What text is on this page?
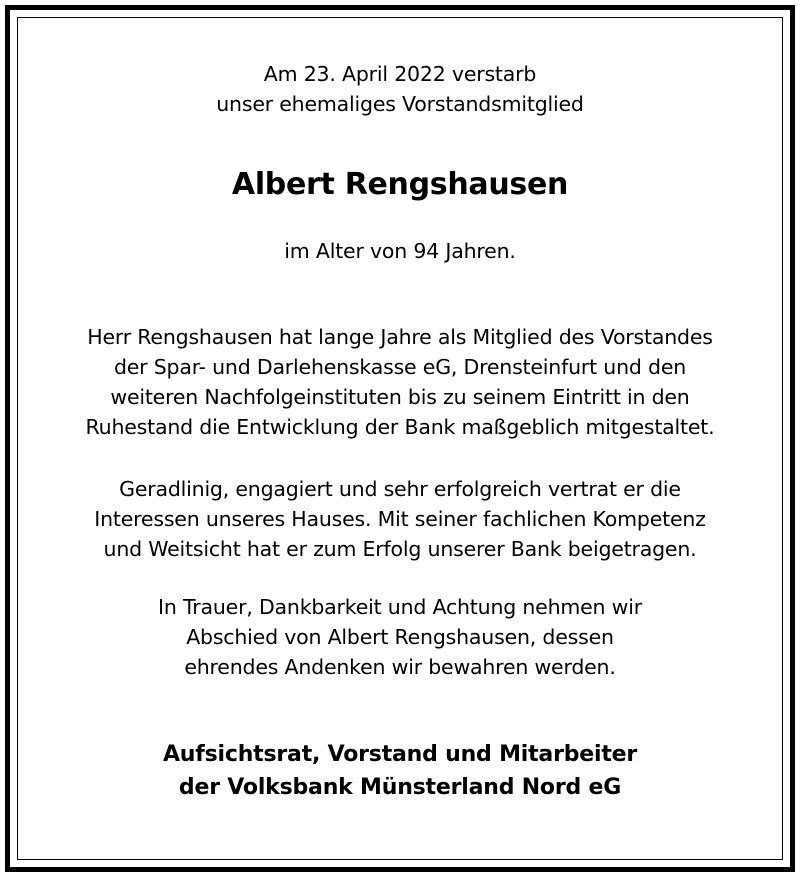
Am 23. April 2022 verstarb
unser ehemaliges Vorstandsmitglied
Albert Rengshausen
im Alter von 94 Jahren.
Herr Rengshausen hat lange Jahre als Mitglied des Vorstandes
der Spar- und Darlehenskasse eG, Drensteinfurt und den
weiteren Nachfolgeinstituten bis zu seinem Eintritt in den
Ruhestand die Entwicklung der Bank maßgeblich mitgestaltet.
Geradlinig, engagiert und sehr erfolgreich vertrat er die
Interessen unseres Hauses. Mit seiner fachlichen Kompetenz
und Weitsicht hat er zum Erfolg unserer Bank beigetragen.
In Trauer, Dankbarkeit und Achtung nehmen wir
Abschied von Albert Rengshausen, dessen
ehrendes Andenken wir bewahren werden.
Aufsichtsrat, Vorstand und Mitarbeiter
der Volksbank Münsterland Nord eG
